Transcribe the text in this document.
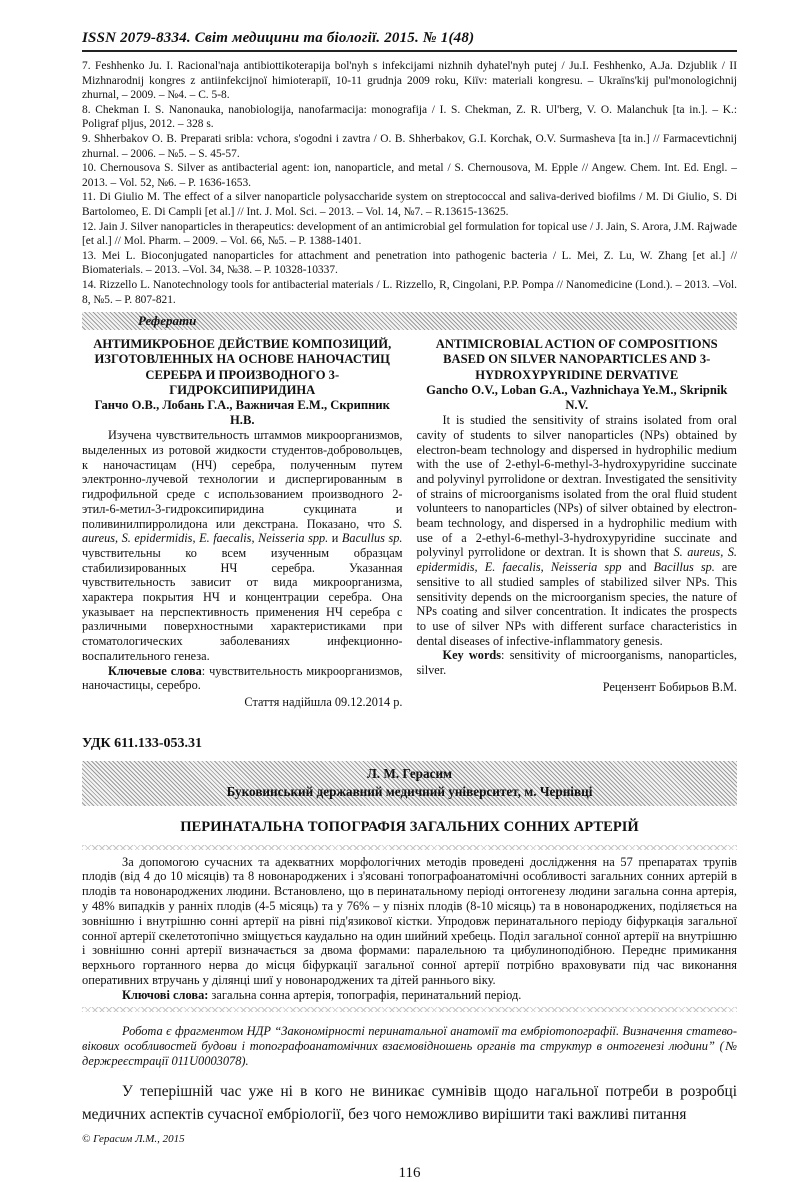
ISSN 2079-8334. Світ медицини та біології. 2015. № 1(48)
7. Feshhenko Ju. I. Racional'naja antibiottikoterapija bol'nyh s infekcijami nizhnih dyhatel'nyh putej / Ju.I. Feshhenko, A.Ja. Dzjublik / II Mizhnarodnij kongres z antiinfekcijnoї himioterapiї, 10-11 grudnja 2009 roku, Kiїv: materiali kongresu. – Ukraїns'kij pul'monologichnij zhurnal, – 2009. – №4. – C. 5-8.
8. Chekman I. S. Nanonauka, nanobiologija, nanofarmacija: monografija / I. S. Chekman, Z. R. Ul'berg, V. O. Malanchuk [ta in.]. – K.: Poligraf pljus, 2012. – 328 s.
9. Shherbakov O. B. Preparati sribla: vchora, s'ogodni i zavtra / O. B. Shherbakov, G.I. Korchak, O.V. Surmasheva [ta in.] // Farmacevtichnij zhurnal. – 2006. – №5. – S. 45-57.
10. Chernousova S. Silver as antibacterial agent: ion, nanoparticle, and metal / S. Chernousova, M. Epple // Angew. Chem. Int. Ed. Engl. – 2013. – Vol. 52, №6. – P. 1636-1653.
11. Di Giulio M. The effect of a silver nanoparticle polysaccharide system on streptococcal and saliva-derived biofilms / M. Di Giulio, S. Di Bartolomeo, E. Di Campli [et al.] // Int. J. Mol. Sci. – 2013. – Vol. 14, №7. – R.13615-13625.
12. Jain J. Silver nanoparticles in therapeutics: development of an antimicrobial gel formulation for topical use / J. Jain, S. Arora, J.M. Rajwade [et al.] // Mol. Pharm. – 2009. – Vol. 66, №5. – P. 1388-1401.
13. Mei L. Bioconjugated nanoparticles for attachment and penetration into pathogenic bacteria / L. Mei, Z. Lu, W. Zhang [et al.] // Biomaterials. – 2013. –Vol. 34, №38. – P. 10328-10337.
14. Rizzello L. Nanotechnology tools for antibacterial materials / L. Rizzello, R, Cingolani, P.P. Pompa // Nanomedicine (Lond.). – 2013. –Vol. 8, №5. – P. 807-821.
Реферати
АНТИМИКРОБНОЕ ДЕЙСТВИЕ КОМПОЗИЦИЙ, ИЗГОТОВЛЕННЫХ НА ОСНОВЕ НАНОЧАСТИЦ СЕРЕБРА И ПРОИЗВОДНОГО 3-ГИДРОКСИПИРИДИНА
Ганчо О.В., Лобань Г.А., Важничая Е.М., Скрипник Н.В.

Изучена чувствительность штаммов микроорганизмов, выделенных из ротовой жидкости студентов-добровольцев, к наночастицам (НЧ) серебра, полученным путем электронно-лучевой технологии и диспергированным в гидрофильной среде с использованием производного 2-этил-6-метил-3-гидроксипиридина сукцината и поливинилпирролидона или декстрана. Показано, что S. aureus, S. epidermidis, E. faecalis, Neisseria spp. и Bacullus sp. чувствительны ко всем изученным образцам стабилизированных НЧ серебра. Указанная чувствительность зависит от вида микроорганизма, характера покрытия НЧ и концентрации серебра. Она указывает на перспективность применения НЧ серебра с различными поверхностными характеристиками при стоматологических заболеваниях инфекционно-воспалительного генеза.

Ключевые слова: чувствительность микроорганизмов, наночастицы, серебро.

Стаття надійшла 09.12.2014 р.
ANTIMICROBIAL ACTION OF COMPOSITIONS BASED ON SILVER NANOPARTICLES AND 3-HYDROXYPYRIDINE DERVATIVE
Gancho O.V., Loban G.A., Vazhnichaya Ye.M., Skripnik N.V.

It is studied the sensitivity of strains isolated from oral cavity of students to silver nanoparticles (NPs) obtained by electron-beam technology and dispersed in hydrophilic medium with the use of 2-ethyl-6-methyl-3-hydroxypyridine succinate and polyvinyl pyrrolidone or dextran. Investigated the sensitivity of strains of microorganisms isolated from the oral fluid student volunteers to nanoparticles (NPs) of silver obtained by electron-beam technology, and dispersed in a hydrophilic medium with use of a 2-ethyl-6-methyl-3-hydroxypyridine succinate and polyvinyl pyrrolidone or dextran. It is shown that S. aureus, S. epidermidis, E. faecalis, Neisseria spp and Bacillus sp. are sensitive to all studied samples of stabilized silver NPs. This sensitivity depends on the microorganism species, the nature of NPs coating and silver concentration. It indicates the prospects to use of silver NPs with different surface characteristics in dental diseases of infective-inflammatory genesis.

Key words: sensitivity of microorganisms, nanoparticles, silver.

Рецензент Бобирьов В.М.
УДК 611.133-053.31
Л. М. Герасим
Буковинський державний медичний університет, м. Чернівці
ПЕРИНАТАЛЬНА ТОПОГРАФІЯ ЗАГАЛЬНИХ СОННИХ АРТЕРІЙ

За допомогою сучасних та адекватних морфологічних методів проведені дослідження на 57 препаратах трупів плодів (від 4 до 10 місяців) та 8 новонароджених і з'ясовані топографоанатомічні особливості загальних сонних артерій в плодів та новонароджених людини. Встановлено, що в перинатальному періоді онтогенезу людини загальна сонна артерія, у 48% випадків у ранніх плодів (4-5 місяць) та у 76% – у пізніх плодів (8-10 місяць) та в новонароджених, поділяється на зовнішню і внутрішню сонні артерії на рівні під'язикової кістки. Упродовж перинатального періоду біфуркація загальної сонної артерії скелетотопічно зміщується каудально на один шийний хребець. Поділ загальної сонної артерії на внутрішню і зовнішню сонні артерії визначається за двома формами: паралельною та цибулиноподібною. Переднє примикання верхнього гортанного нерва до місця біфуркації загальної сонної артерії потрібно враховувати під час виконання оперативних втручань у ділянці шиї у новонароджених та дітей раннього віку.

Ключові слова: загальна сонна артерія, топографія, перинатальний період.

Робота є фрагментом НДР “Закономірності перинатальної анатомії та ембріотопографії. Визначення статево-вікових особливостей будови і топографоанатомічних взаємовідношень органів та структур в онтогенезі людини” (№ держреєстрації 011U0003078).

У теперішній час уже ні в кого не виникає сумнівів щодо нагальної потреби в розробці медичних аспектів сучасної ембріології, без чого неможливо вирішити такі важливі питання

© Герасим Л.М., 2015
116
